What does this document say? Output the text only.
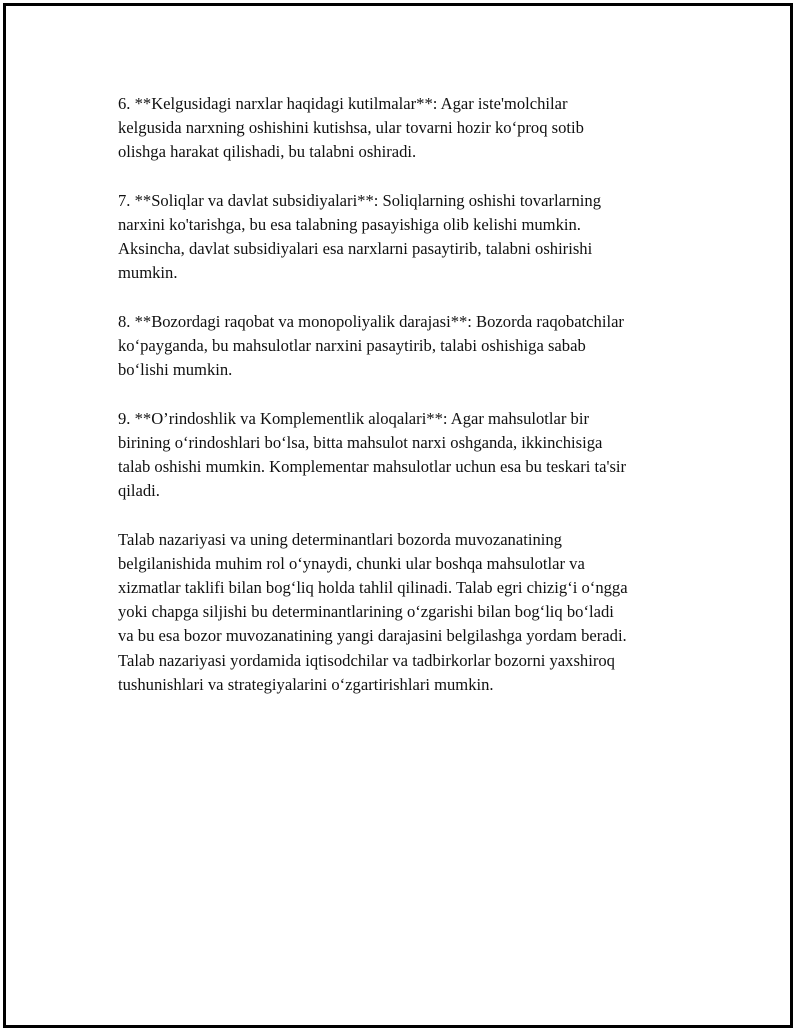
6. **Kelgusidagi narxlar haqidagi kutilmalar**: Agar iste'molchilar
kelgusida narxning oshishini kutishsa, ular tovarni hozir ko‘proq sotib
olishga harakat qilishadi, bu talabni oshiradi.

7. **Soliqlar va davlat subsidiyalari**: Soliqlarning oshishi tovarlarning
narxini ko'tarishga, bu esa talabning pasayishiga olib kelishi mumkin.
Aksincha, davlat subsidiyalari esa narxlarni pasaytirib, talabni oshirishi
mumkin.

8. **Bozordagi raqobat va monopoliyalik darajasi**: Bozorda raqobatchilar
ko‘payganda, bu mahsulotlar narxini pasaytirib, talabi oshishiga sabab
bo‘lishi mumkin.

9. **O’rindoshlik va Komplementlik aloqalari**: Agar mahsulotlar bir
birining o‘rindoshlari bo‘lsa, bitta mahsulot narxi oshganda, ikkinchisiga
talab oshishi mumkin. Komplementar mahsulotlar uchun esa bu teskari ta'sir
qiladi.

Talab nazariyasi va uning determinantlari bozorda muvozanatining
belgilanishida muhim rol o‘ynaydi, chunki ular boshqa mahsulotlar va
xizmatlar taklifi bilan bog‘liq holda tahlil qilinadi. Talab egri chizig‘i o‘ngga
yoki chapga siljishi bu determinantlarining o‘zgarishi bilan bog‘liq bo‘ladi
va bu esa bozor muvozanatining yangi darajasini belgilashga yordam beradi.
Talab nazariyasi yordamida iqtisodchilar va tadbirkorlar bozorni yaxshiroq
tushunishlari va strategiyalarini o‘zgartirishlari mumkin.
